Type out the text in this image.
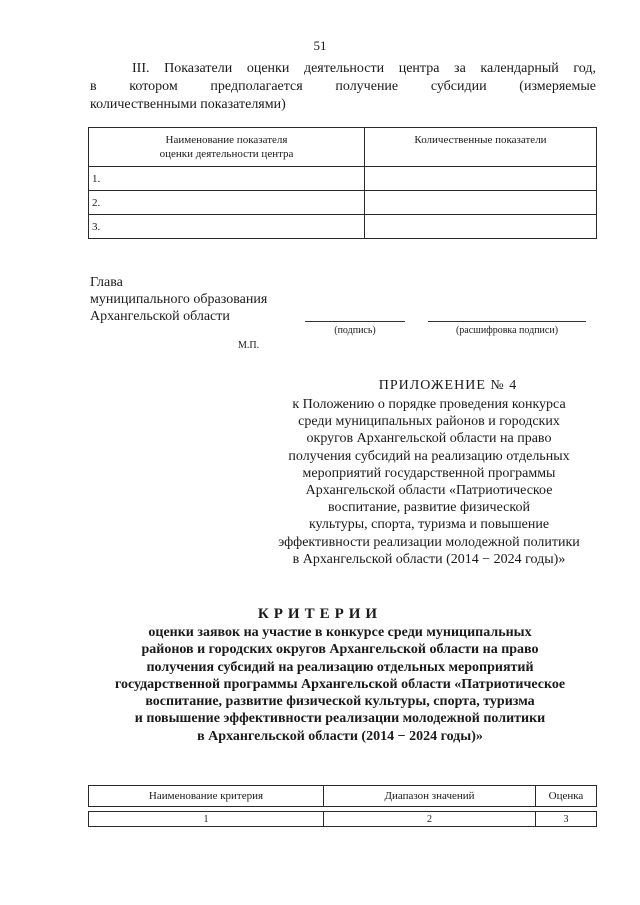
51
III. Показатели оценки деятельности центра за календарный год,
в котором предполагается получение субсидии (измеряемые
количественными показателями)
Наименование показателя оценки деятельности центра	Количественные показатели
1.	
2.	
3.	
Глава
муниципального образования
Архангельской области
(подпись)	(расшифровка подписи)
М.П.
ПРИЛОЖЕНИЕ № 4
к Положению о порядке проведения конкурса
среди муниципальных районов и городских
округов Архангельской области на право
получения субсидий на реализацию отдельных
мероприятий государственной программы
Архангельской области «Патриотическое
воспитание, развитие физической
культуры, спорта, туризма и повышение
эффективности реализации молодежной политики
в Архангельской области (2014 − 2024 годы)»
КРИТЕРИИ
оценки заявок на участие в конкурсе среди муниципальных
районов и городских округов Архангельской области на право
получения субсидий на реализацию отдельных мероприятий
государственной программы Архангельской области «Патриотическое
воспитание, развитие физической культуры, спорта, туризма
и повышение эффективности реализации молодежной политики
в Архангельской области (2014 − 2024 годы)»
Наименование критерия	Диапазон значений	Оценка

1	2	3
